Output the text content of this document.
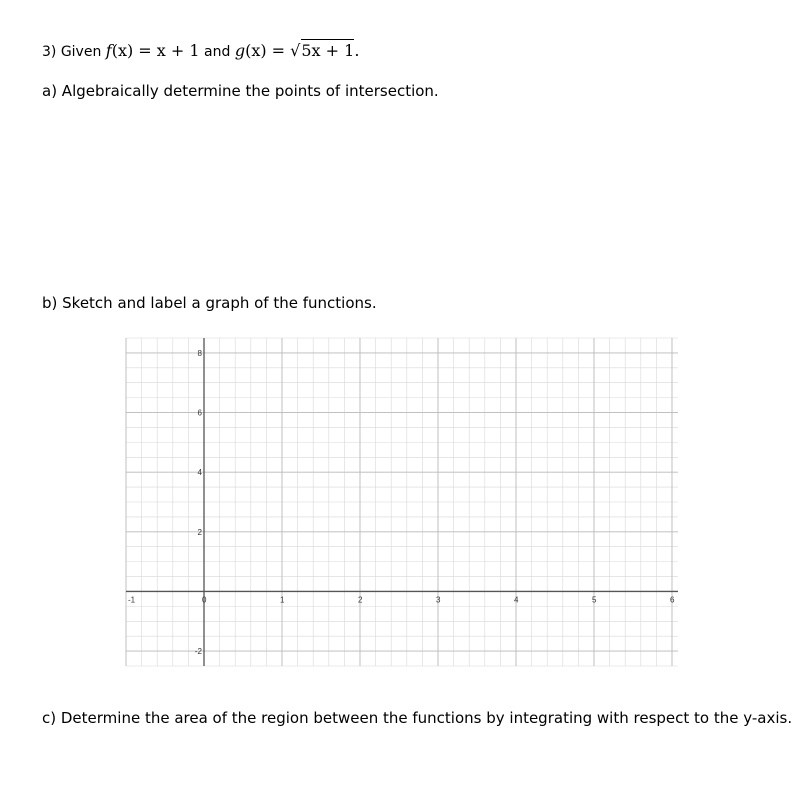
3) Given f(x) = x + 1 and g(x) = √5x + 1.
a) Algebraically determine the points of intersection.
b) Sketch and label a graph of the functions.
-1	0	1	2	3	4	5	6
8
6
4
2
-2
c) Determine the area of the region between the functions by integrating with respect to the y-axis.
